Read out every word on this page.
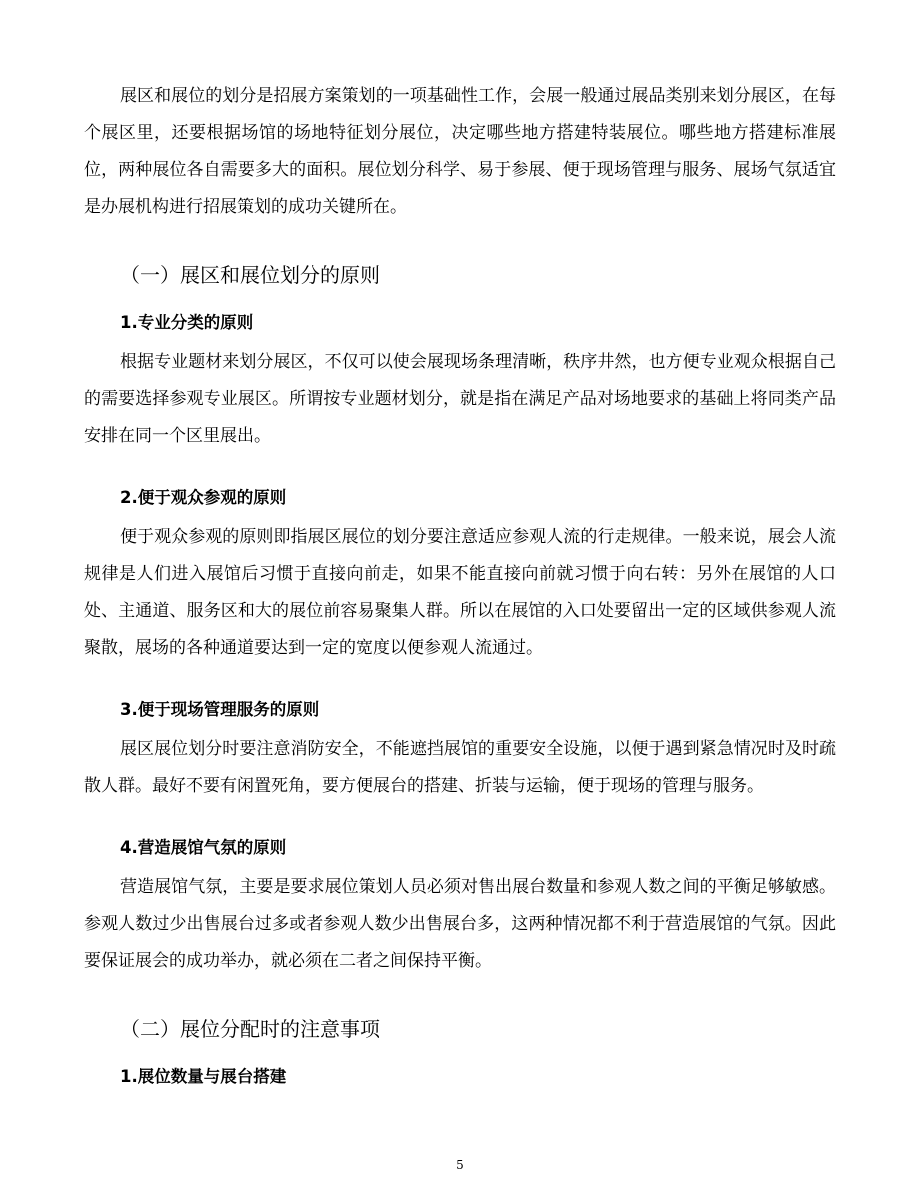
展区和展位的划分是招展方案策划的一项基础性工作，会展一般通过展品类别来划分展区，在每个展区里，还要根据场馆的场地特征划分展位，决定哪些地方搭建特装展位。哪些地方搭建标准展位，两种展位各自需要多大的面积。展位划分科学、易于参展、便于现场管理与服务、展场气氛适宜是办展机构进行招展策划的成功关键所在。

（一）展区和展位划分的原则
1.专业分类的原则

根据专业题材来划分展区，不仅可以使会展现场条理清晰，秩序井然，也方便专业观众根据自己的需要选择参观专业展区。所谓按专业题材划分，就是指在满足产品对场地要求的基础上将同类产品安排在同一个区里展出。

2.便于观众参观的原则

便于观众参观的原则即指展区展位的划分要注意适应参观人流的行走规律。一般来说，展会人流规律是人们进入展馆后习惯于直接向前走，如果不能直接向前就习惯于向右转：另外在展馆的人口处、主通道、服务区和大的展位前容易聚集人群。所以在展馆的入口处要留出一定的区域供参观人流聚散，展场的各种通道要达到一定的宽度以便参观人流通过。

3.便于现场管理服务的原则

展区展位划分时要注意消防安全，不能遮挡展馆的重要安全设施，以便于遇到紧急情况时及时疏散人群。最好不要有闲置死角，要方便展台的搭建、折装与运输，便于现场的管理与服务。

4.营造展馆气氛的原则

营造展馆气氛，主要是要求展位策划人员必须对售出展台数量和参观人数之间的平衡足够敏感。参观人数过少出售展台过多或者参观人数少出售展台多，这两种情况都不利于营造展馆的气氛。因此要保证展会的成功举办，就必须在二者之间保持平衡。

（二）展位分配时的注意事项
1.展位数量与展台搭建
5
